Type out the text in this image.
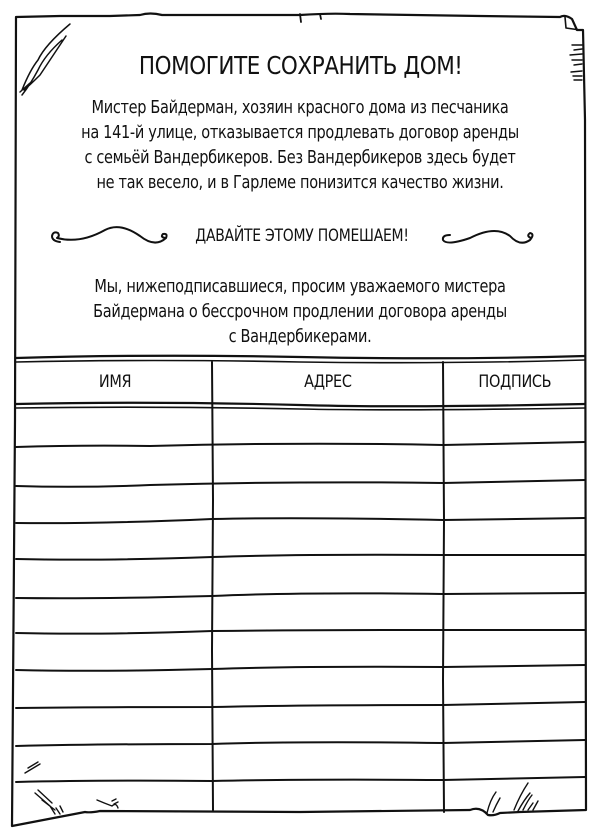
ПОМОГИТЕ СОХРАНИТЬ ДОМ!
Мистер Байдерман, хозяин красного дома из песчаника
на 141-й улице, отказывается продлевать договор аренды
с семьёй Вандербикеров. Без Вандербикеров здесь будет
не так весело, и в Гарлеме понизится качество жизни.
ДАВАЙТЕ ЭТОМУ ПОМЕШАЕМ!
Мы, нижеподписавшиеся, просим уважаемого мистера
Байдермана о бессрочном продлении договора аренды
с Вандербикерами.
ИМЯ	АДРЕС	ПОДПИСЬ
